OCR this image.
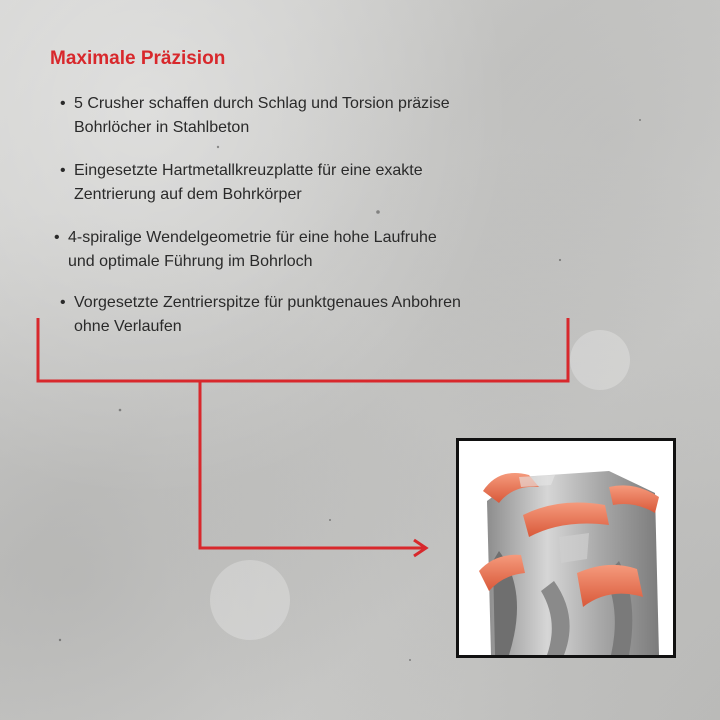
Maximale Präzision
• 5 Crusher schaffen durch Schlag und Torsion präzise
Bohrlöcher in Stahlbeton
• Eingesetzte Hartmetallkreuzplatte für eine exakte
Zentrierung auf dem Bohrkörper
• 4-spiralige Wendelgeometrie für eine hohe Laufruhe
und optimale Führung im Bohrloch
• Vorgesetzte Zentrierspitze für punktgenaues Anbohren
ohne Verlaufen
